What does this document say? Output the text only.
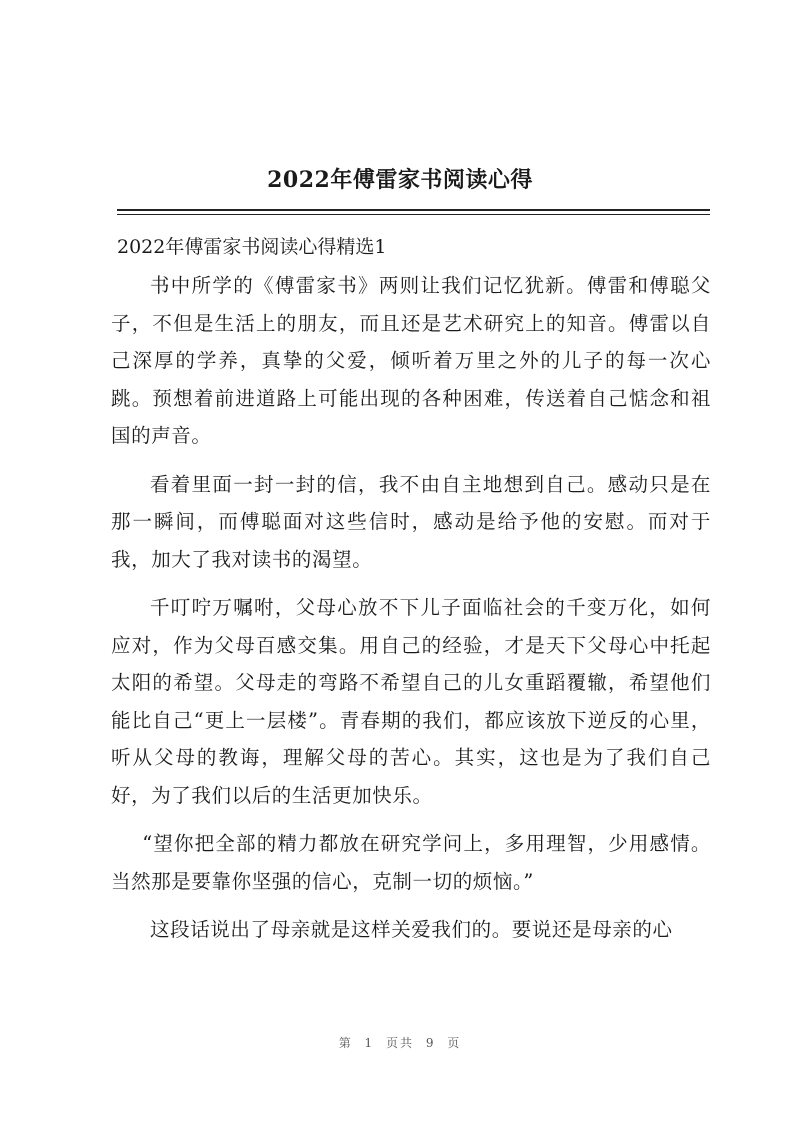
2022年傅雷家书阅读心得
2022年傅雷家书阅读心得精选1

书中所学的《傅雷家书》两则让我们记忆犹新。傅雷和傅聪父子，不但是生活上的朋友，而且还是艺术研究上的知音。傅雷以自己深厚的学养，真挚的父爱，倾听着万里之外的儿子的每一次心跳。预想着前进道路上可能出现的各种困难，传送着自己惦念和祖国的声音。

看着里面一封一封的信，我不由自主地想到自己。感动只是在那一瞬间，而傅聪面对这些信时，感动是给予他的安慰。而对于我，加大了我对读书的渴望。

千叮咛万嘱咐，父母心放不下儿子面临社会的千变万化，如何应对，作为父母百感交集。用自己的经验，才是天下父母心中托起太阳的希望。父母走的弯路不希望自己的儿女重蹈覆辙，希望他们能比自己“更上一层楼”。青春期的我们，都应该放下逆反的心里，听从父母的教诲，理解父母的苦心。其实，这也是为了我们自己好，为了我们以后的生活更加快乐。

“望你把全部的精力都放在研究学问上，多用理智，少用感情。当然那是要靠你坚强的信心，克制一切的烦恼。”

这段话说出了母亲就是这样关爱我们的。要说还是母亲的心

第 1 页共 9 页
